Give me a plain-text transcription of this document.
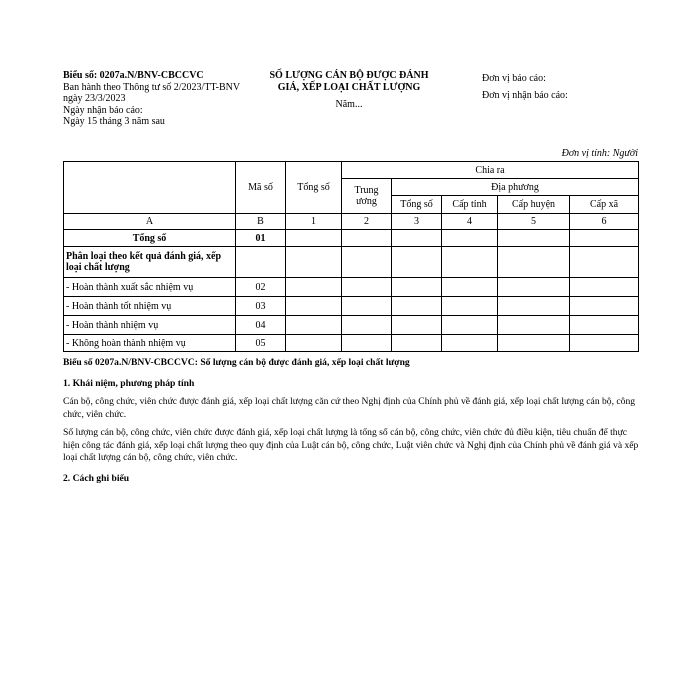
Biểu số: 0207a.N/BNV-CBCCVC
Ban hành theo Thông tư số 2/2023/TT-BNV ngày 23/3/2023
Ngày nhận báo cáo:
Ngày 15 tháng 3 năm sau
SỐ LƯỢNG CÁN BỘ ĐƯỢC ĐÁNH GIÁ, XẾP LOẠI CHẤT LƯỢNG
Năm...
Đơn vị báo cáo:
Đơn vị nhận báo cáo:
Đơn vị tính: Người
	Mã số	Tổng số	Chia ra				
			Trung ương	Địa phương			
				Tổng số	Cấp tỉnh	Cấp huyện	Cấp xã
A	B	1	2	3	4	5	6
Tổng số	01						
Phân loại theo kết quả đánh giá, xếp loại chất lượng							
- Hoàn thành xuất sắc nhiệm vụ	02						
- Hoàn thành tốt nhiệm vụ	03						
- Hoàn thành nhiệm vụ	04						
- Không hoàn thành nhiệm vụ	05						
Biểu số 0207a.N/BNV-CBCCVC: Số lượng cán bộ được đánh giá, xếp loại chất lượng
1. Khái niệm, phương pháp tính

Cán bộ, công chức, viên chức được đánh giá, xếp loại chất lượng căn cứ theo Nghị định của Chính phủ về đánh giá, xếp loại chất lượng cán bộ, công chức, viên chức.

Số lượng cán bộ, công chức, viên chức được đánh giá, xếp loại chất lượng là tổng số cán bộ, công chức, viên chức đủ điều kiện, tiêu chuẩn để thực hiện công tác đánh giá, xếp loại chất lượng theo quy định của Luật cán bộ, công chức, Luật viên chức và Nghị định của Chính phủ về đánh giá và xếp loại chất lượng cán bộ, công chức, viên chức.

2. Cách ghi biểu
